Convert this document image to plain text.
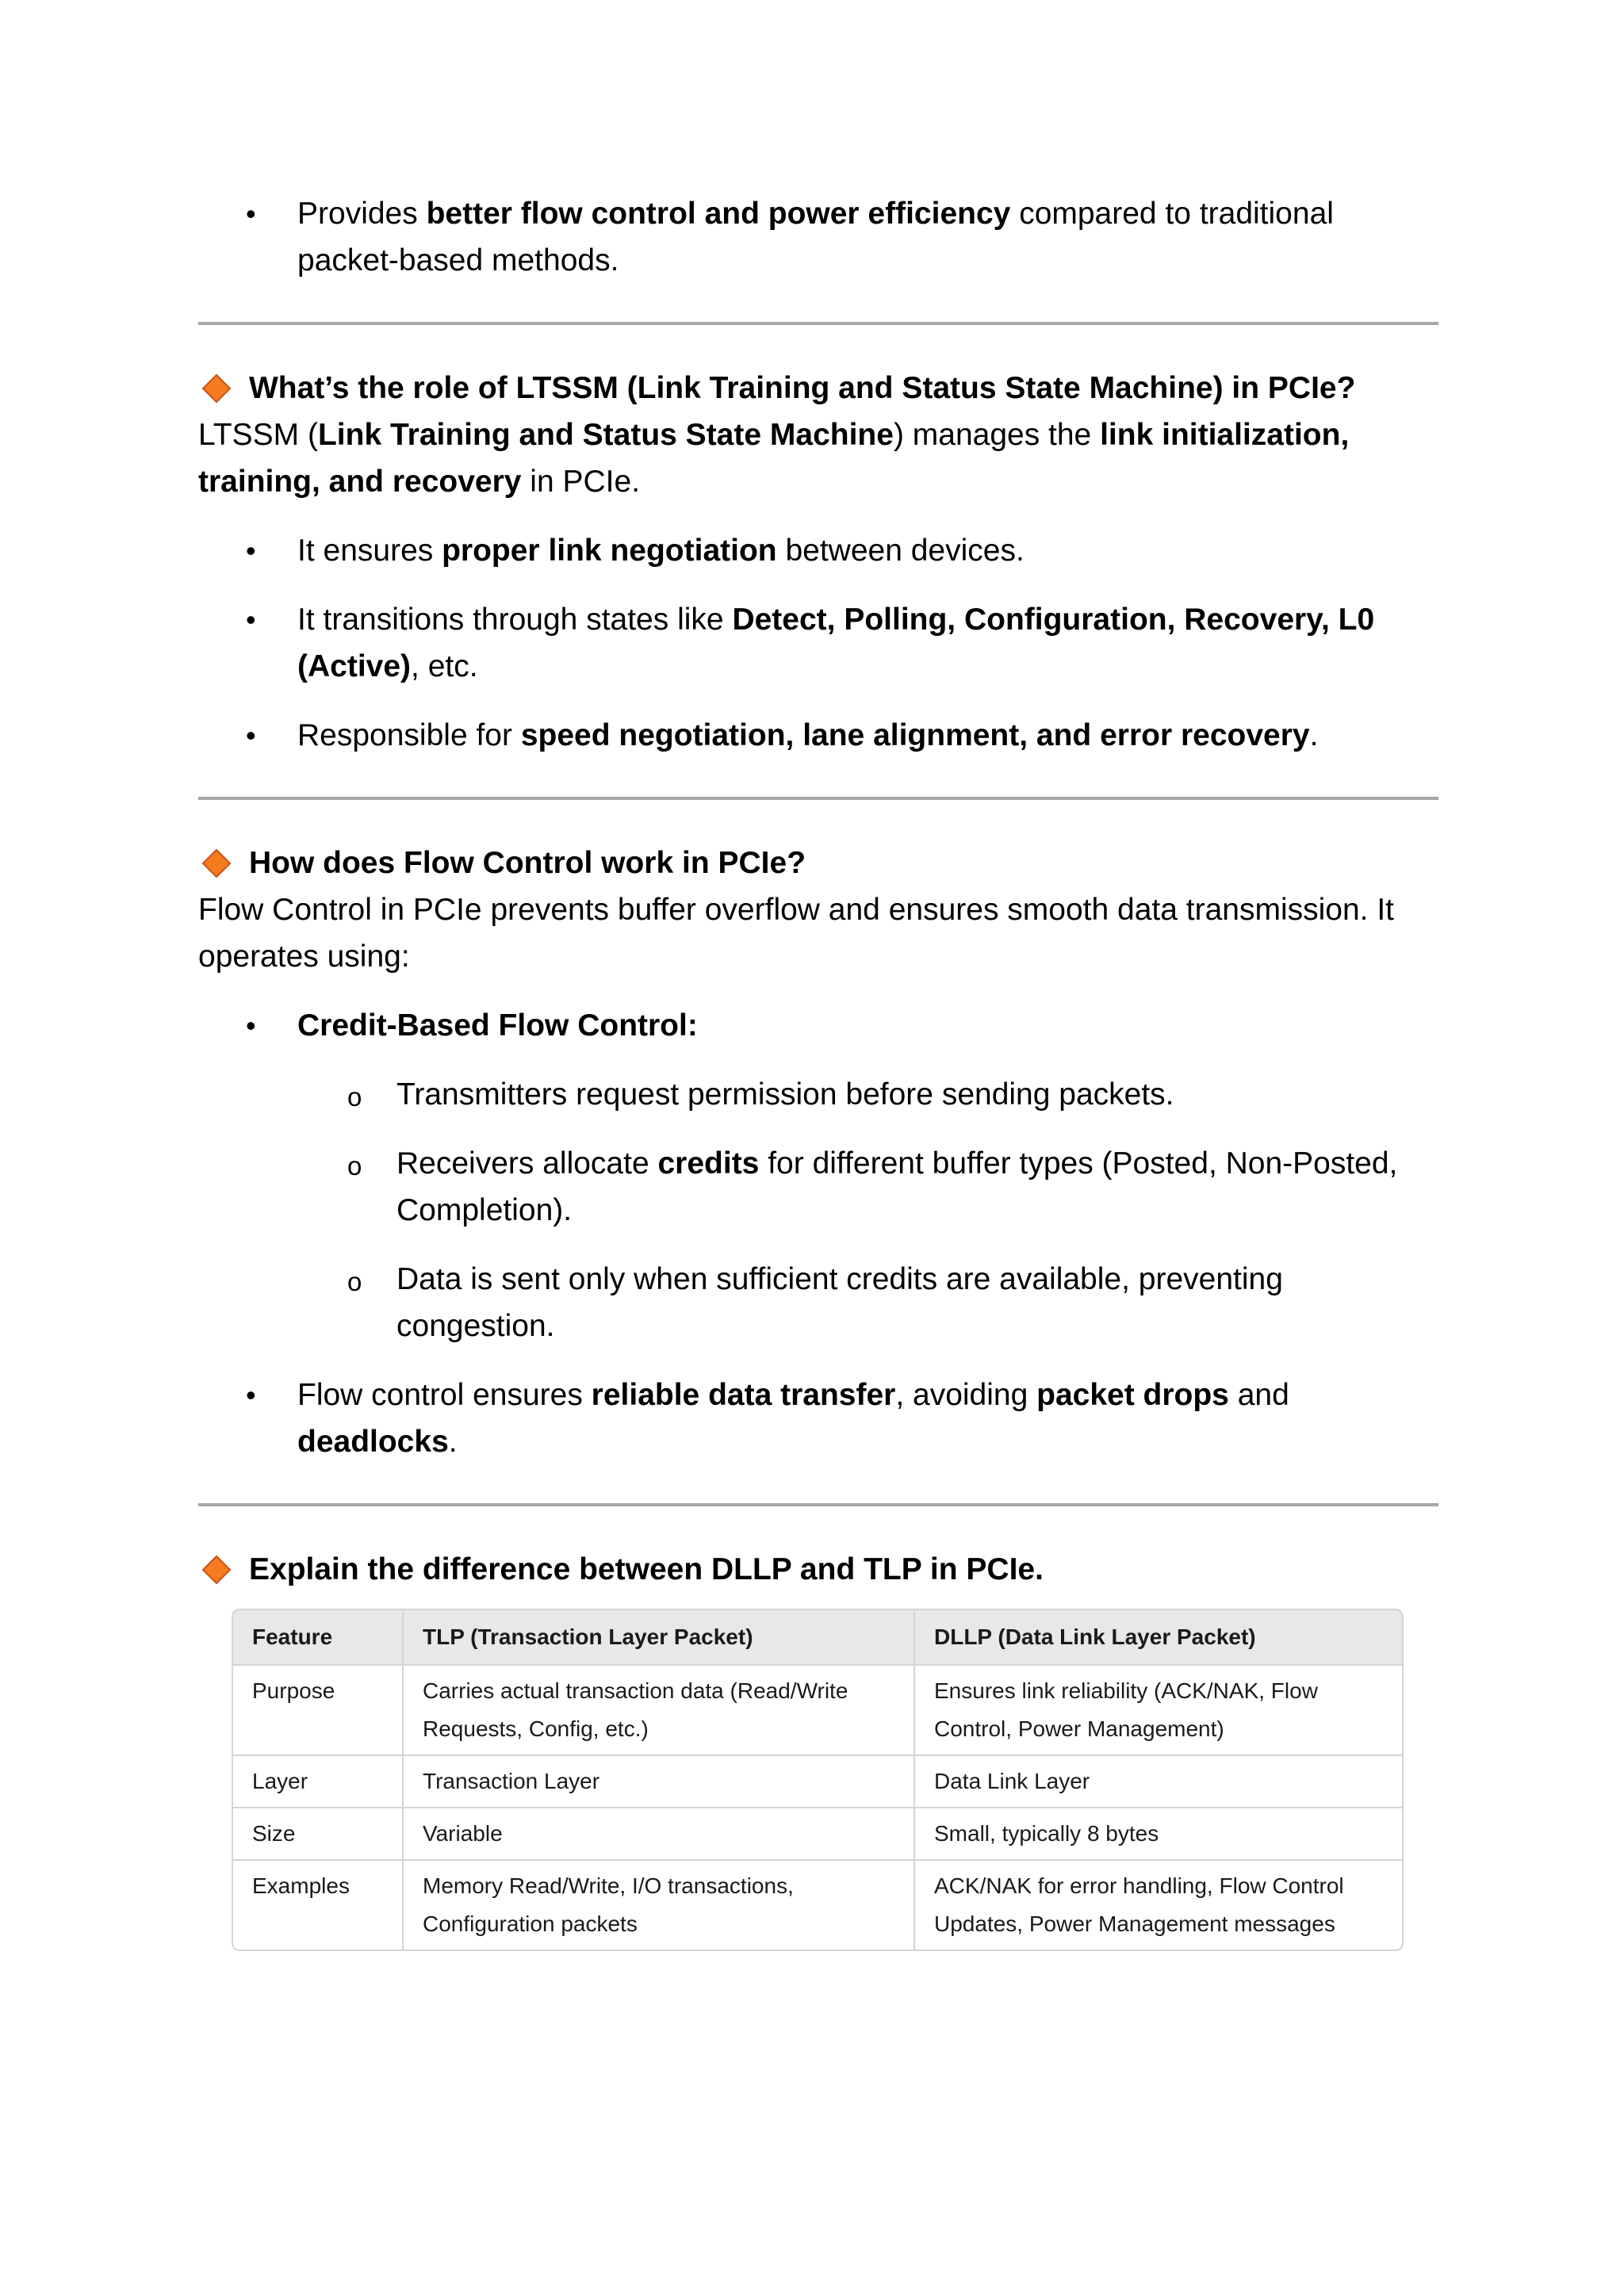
• Provides better flow control and power efficiency compared to traditional packet-based methods.
What’s the role of LTSSM (Link Training and Status State Machine) in PCIe?

LTSSM (Link Training and Status State Machine) manages the link initialization, training, and recovery in PCIe.

• It ensures proper link negotiation between devices.
• It transitions through states like Detect, Polling, Configuration, Recovery, L0 (Active), etc.
• Responsible for speed negotiation, lane alignment, and error recovery.
How does Flow Control work in PCIe?

Flow Control in PCIe prevents buffer overflow and ensures smooth data transmission. It operates using:

• Credit-Based Flow Control:
o Transmitters request permission before sending packets.
o Receivers allocate credits for different buffer types (Posted, Non-Posted, Completion).
o Data is sent only when sufficient credits are available, preventing congestion.
• Flow control ensures reliable data transfer, avoiding packet drops and deadlocks.
Explain the difference between DLLP and TLP in PCIe.
Feature	TLP (Transaction Layer Packet)	DLLP (Data Link Layer Packet)
Purpose	Carries actual transaction data (Read/Write Requests, Config, etc.)	Ensures link reliability (ACK/NAK, Flow Control, Power Management)
Layer	Transaction Layer	Data Link Layer
Size	Variable	Small, typically 8 bytes
Examples	Memory Read/Write, I/O transactions, Configuration packets	ACK/NAK for error handling, Flow Control Updates, Power Management messages
